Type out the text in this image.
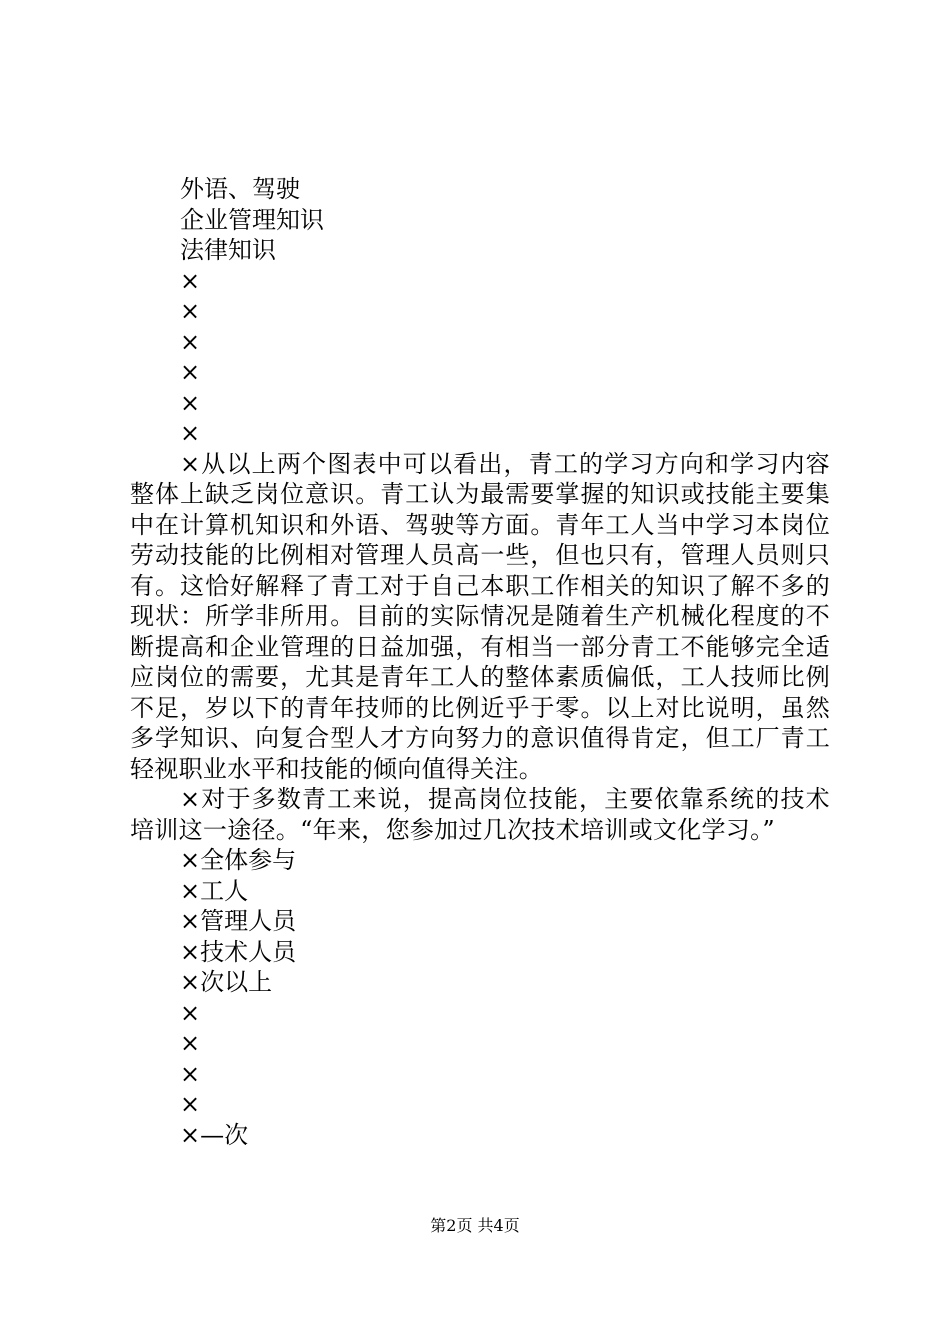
外语、驾驶
企业管理知识
法律知识
×
×
×
×
×
×

×从以上两个图表中可以看出，青工的学习方向和学习内容整体上缺乏岗位意识。青工认为最需要掌握的知识或技能主要集中在计算机知识和外语、驾驶等方面。青年工人当中学习本岗位劳动技能的比例相对管理人员高一些，但也只有，管理人员则只有。这恰好解释了青工对于自己本职工作相关的知识了解不多的现状：所学非所用。目前的实际情况是随着生产机械化程度的不断提高和企业管理的日益加强，有相当一部分青工不能够完全适应岗位的需要，尤其是青年工人的整体素质偏低，工人技师比例不足，岁以下的青年技师的比例近乎于零。以上对比说明，虽然多学知识、向复合型人才方向努力的意识值得肯定，但工厂青工轻视职业水平和技能的倾向值得关注。

×对于多数青工来说，提高岗位技能，主要依靠系统的技术培训这一途径。“年来，您参加过几次技术培训或文化学习。”

×全体参与
×工人
×管理人员
×技术人员
×次以上
×
×
×
×
×—次
第2页 共4页
